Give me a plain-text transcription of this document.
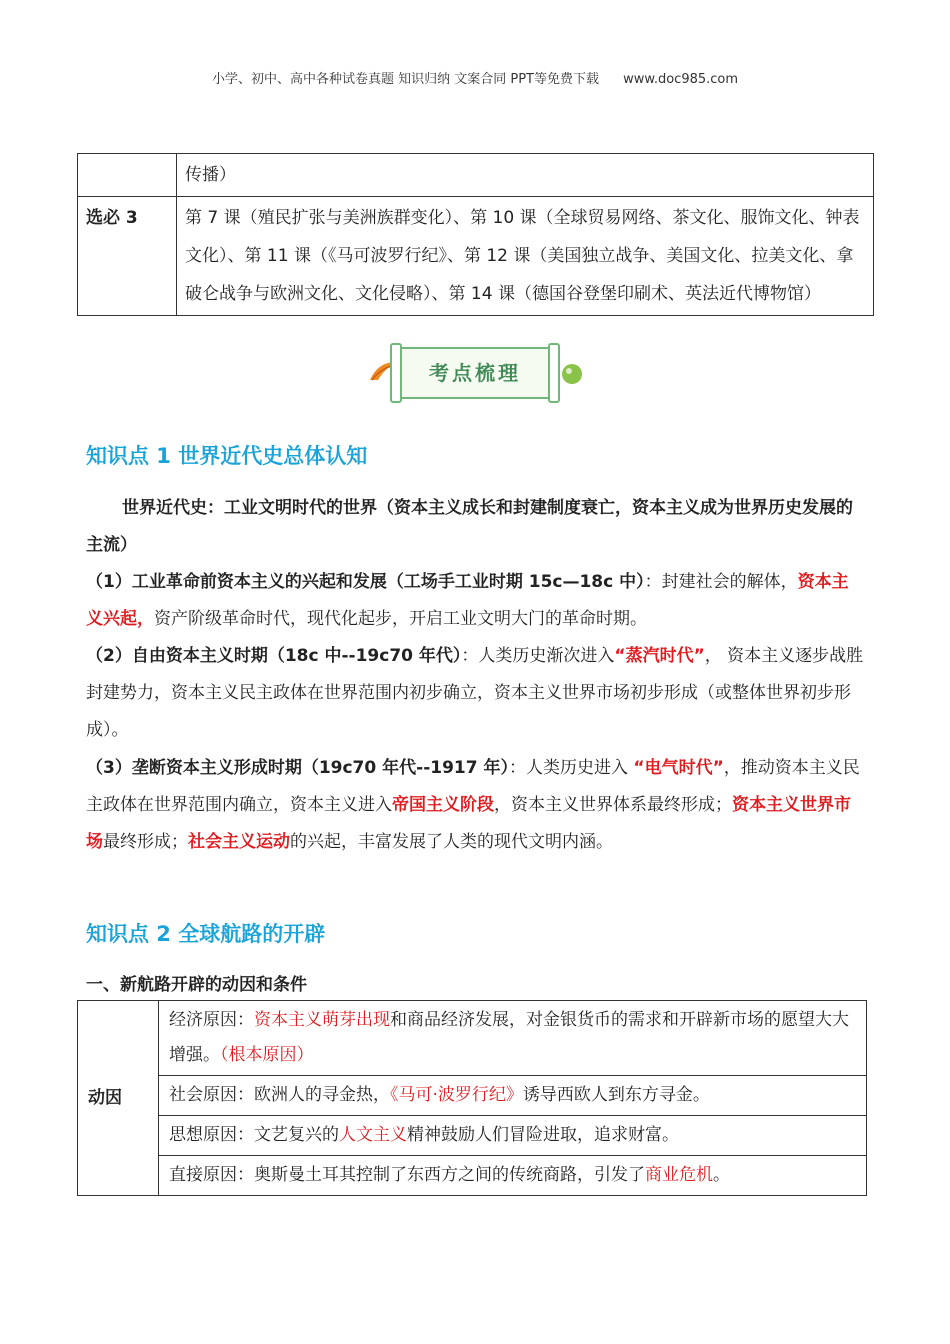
小学、初中、高中各种试卷真题 知识归纳 文案合同 PPT等免费下载 www.doc985.com
	传播）
选必 3	第 7 课（殖民扩张与美洲族群变化）、第 10 课（全球贸易网络、茶文化、服饰文化、钟表文化）、第 11 课（《马可波罗行纪》、第 12 课（美国独立战争、美国文化、拉美文化、拿破仑战争与欧洲文化、文化侵略）、第 14 课（德国谷登堡印刷术、英法近代博物馆）
考点梳理
知识点 1 世界近代史总体认知
世界近代史：工业文明时代的世界（资本主义成长和封建制度衰亡，资本主义成为世界历史发展的主流）
（1）工业革命前资本主义的兴起和发展（工场手工业时期 15c—18c 中）：封建社会的解体，资本主义兴起，资产阶级革命时代，现代化起步，开启工业文明大门的革命时期。
（2）自由资本主义时期（18c 中--19c70 年代）：人类历史渐次进入“蒸汽时代”， 资本主义逐步战胜封建势力，资本主义民主政体在世界范围内初步确立，资本主义世界市场初步形成（或整体世界初步形成）。
（3）垄断资本主义形成时期（19c70 年代--1917 年）：人类历史进入 “电气时代”，推动资本主义民主政体在世界范围内确立，资本主义进入帝国主义阶段，资本主义世界体系最终形成；资本主义世界市场最终形成；社会主义运动的兴起，丰富发展了人类的现代文明内涵。
知识点 2 全球航路的开辟
一、新航路开辟的动因和条件
动因	经济原因：资本主义萌芽出现和商品经济发展，对金银货币的需求和开辟新市场的愿望大大增强。（根本原因）
社会原因：欧洲人的寻金热，《马可·波罗行纪》诱导西欧人到东方寻金。
思想原因：文艺复兴的人文主义精神鼓励人们冒险进取，追求财富。
直接原因：奥斯曼土耳其控制了东西方之间的传统商路，引发了商业危机。
